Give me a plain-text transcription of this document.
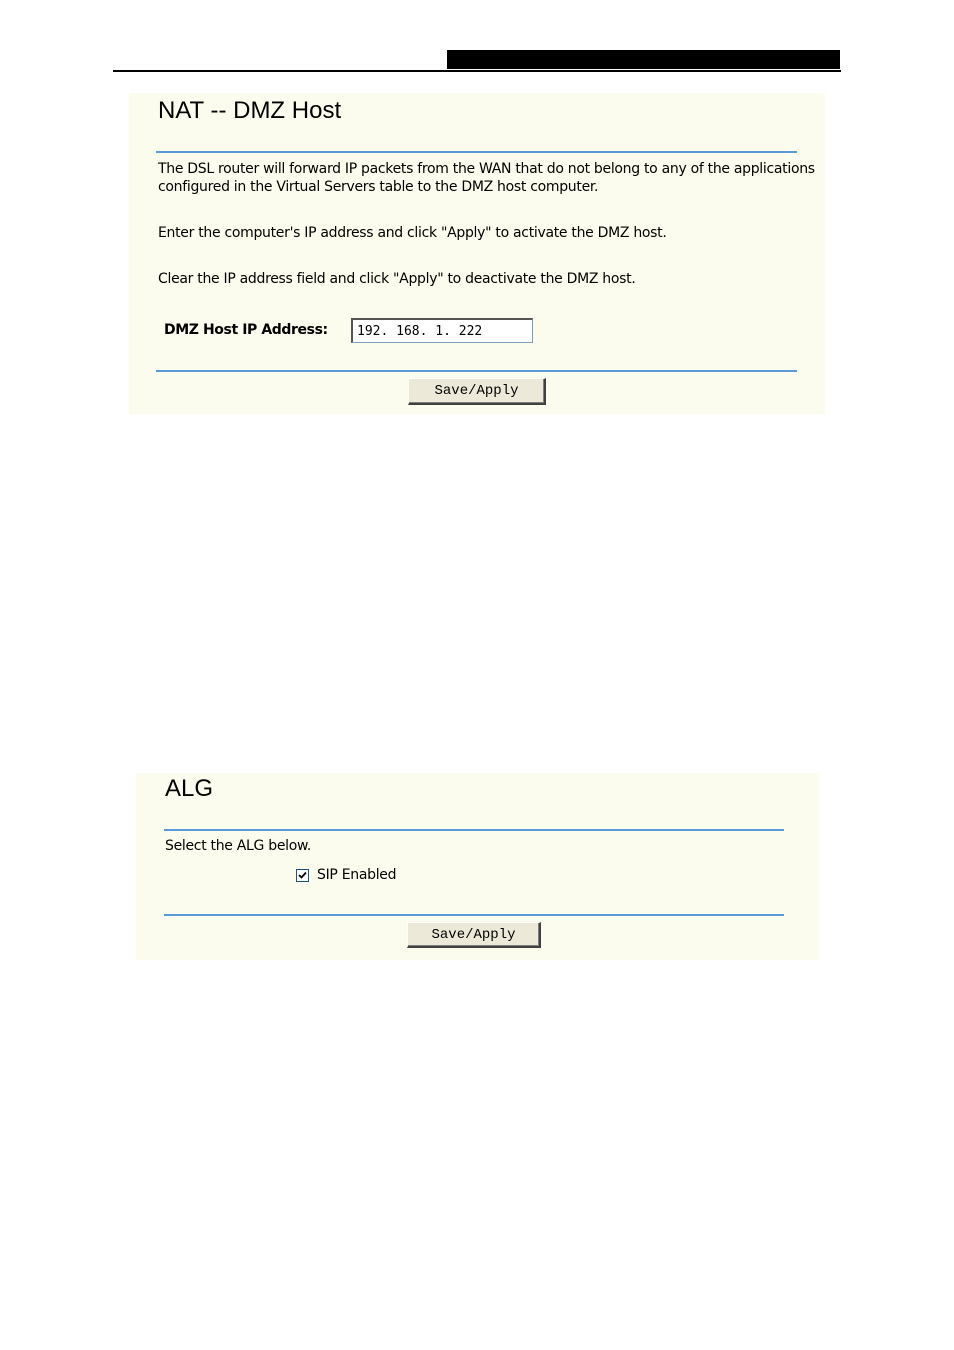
NAT -- DMZ Host
The DSL router will forward IP packets from the WAN that do not belong to any of the applications
configured in the Virtual Servers table to the DMZ host computer.
Enter the computer's IP address and click "Apply" to activate the DMZ host.
Clear the IP address field and click "Apply" to deactivate the DMZ host.
DMZ Host IP Address:
192. 168. 1. 222
Save/Apply
ALG
Select the ALG below.
SIP Enabled
Save/Apply
